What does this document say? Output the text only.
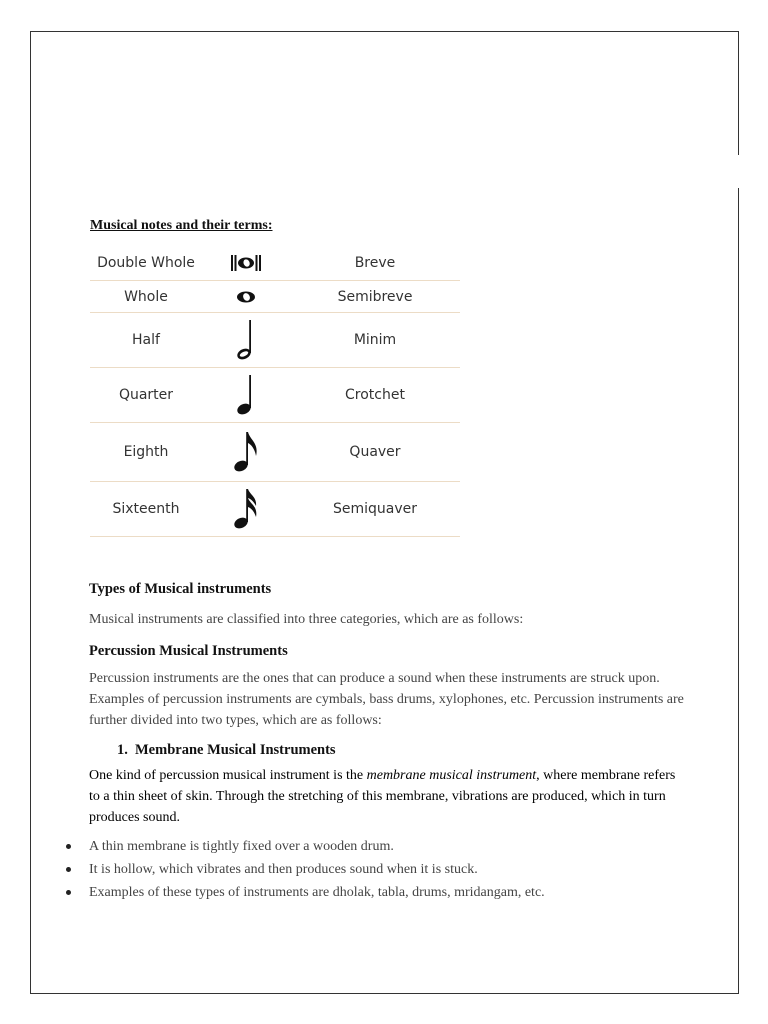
Musical notes and their terms:

Double Whole		Breve
Whole		Semibreve
Half		Minim
Quarter		Crotchet
Eighth		Quaver
Sixteenth		Semiquaver

Types of Musical instruments

Musical instruments are classified into three categories, which are as follows:

Percussion Musical Instruments

Percussion instruments are the ones that can produce a sound when these instruments are struck upon. Examples of percussion instruments are cymbals, bass drums, xylophones, etc. Percussion instruments are further divided into two types, which are as follows:

1. Membrane Musical Instruments

One kind of percussion musical instrument is the membrane musical instrument, where membrane refers to a thin sheet of skin. Through the stretching of this membrane, vibrations are produced, which in turn produces sound.

A thin membrane is tightly fixed over a wooden drum.
It is hollow, which vibrates and then produces sound when it is stuck.
Examples of these types of instruments are dholak, tabla, drums, mridangam, etc.
